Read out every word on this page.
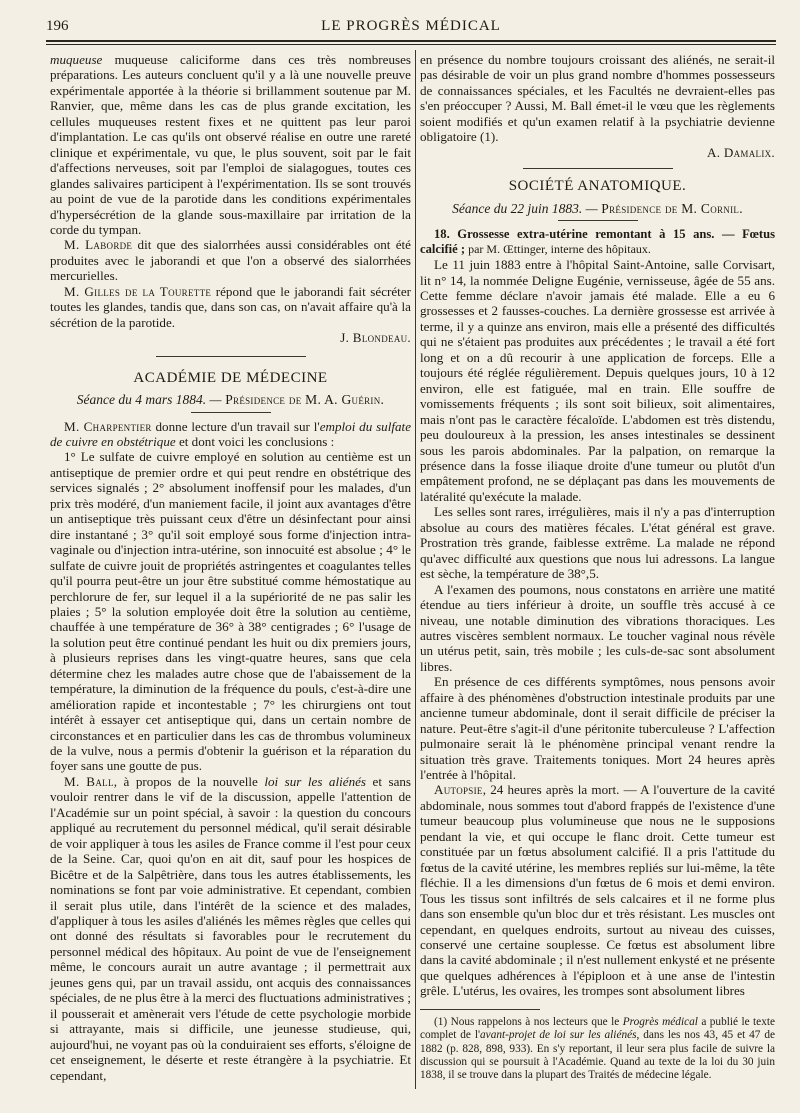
196	LE PROGRÈS MÉDICAL

muqueuse muqueuse caliciforme dans ces très nombreuses préparations. Les auteurs concluent qu'il y a là une nouvelle preuve expérimentale apportée à la théorie si brillamment soutenue par M. Ranvier, que, même dans les cas de plus grande excitation, les cellules muqueuses restent fixes et ne quittent pas leur paroi d'implantation. Le cas qu'ils ont observé réalise en outre une rareté clinique et expérimentale, vu que, le plus souvent, soit par le fait d'affections nerveuses, soit par l'emploi de sialagogues, toutes ces glandes salivaires participent à l'expérimentation. Ils se sont trouvés au point de vue de la parotide dans les conditions expérimentales d'hypersécrétion de la glande sous-maxillaire par irritation de la corde du tympan.

M. Laborde dit que des sialorrhées aussi considérables ont été produites avec le jaborandi et que l'on a observé des sialorrhées mercurielles.

M. Gilles de la Tourette répond que le jaborandi fait sécréter toutes les glandes, tandis que, dans son cas, on n'avait affaire qu'à la sécrétion de la parotide.

J. Blondeau.

ACADÉMIE DE MÉDECINE
Séance du 4 mars 1884. — Présidence de M. A. Guérin.

M. Charpentier donne lecture d'un travail sur l'emploi du sulfate de cuivre en obstétrique et dont voici les conclusions :

1° Le sulfate de cuivre employé en solution au centième est un antiseptique de premier ordre et qui peut rendre en obstétrique des services signalés ; 2° absolument inoffensif pour les malades, d'un prix très modéré, d'un maniement facile, il joint aux avantages d'être un antiseptique très puissant ceux d'être un désinfectant pour ainsi dire instantané ; 3° qu'il soit employé sous forme d'injection intra-vaginale ou d'injection intra-utérine, son innocuité est absolue ; 4° le sulfate de cuivre jouit de propriétés astringentes et coagulantes telles qu'il pourra peut-être un jour être substitué comme hémostatique au perchlorure de fer, sur lequel il a la supériorité de ne pas salir les plaies ; 5° la solution employée doit être la solution au centième, chauffée à une température de 36° à 38° centigrades ; 6° l'usage de la solution peut être continué pendant les huit ou dix premiers jours, à plusieurs reprises dans les vingt-quatre heures, sans que cela détermine chez les malades autre chose que de l'abaissement de la température, la diminution de la fréquence du pouls, c'est-à-dire une amélioration rapide et incontestable ; 7° les chirurgiens ont tout intérêt à essayer cet antiseptique qui, dans un certain nombre de circonstances et en particulier dans les cas de thrombus volumineux de la vulve, nous a permis d'obtenir la guérison et la réparation du foyer sans une goutte de pus.

M. Ball, à propos de la nouvelle loi sur les aliénés et sans vouloir rentrer dans le vif de la discussion, appelle l'attention de l'Académie sur un point spécial, à savoir : la question du concours appliqué au recrutement du personnel médical, qu'il serait désirable de voir appliquer à tous les asiles de France comme il l'est pour ceux de la Seine. Car, quoi qu'on en ait dit, sauf pour les hospices de Bicêtre et de la Salpêtrière, dans tous les autres établissements, les nominations se font par voie administrative. Et cependant, combien il serait plus utile, dans l'intérêt de la science et des malades, d'appliquer à tous les asiles d'aliénés les mêmes règles que celles qui ont donné des résultats si favorables pour le recrutement du personnel médical des hôpitaux. Au point de vue de l'enseignement même, le concours aurait un autre avantage ; il permettrait aux jeunes gens qui, par un travail assidu, ont acquis des connaissances spéciales, de ne plus être à la merci des fluctuations administratives ; il pousserait et amènerait vers l'étude de cette psychologie morbide si attrayante, mais si difficile, une jeunesse studieuse, qui, aujourd'hui, ne voyant pas où la conduiraient ses efforts, s'éloigne de cet enseignement, le déserte et reste étrangère à la psychiatrie. Et cependant,

en présence du nombre toujours croissant des aliénés, ne serait-il pas désirable de voir un plus grand nombre d'hommes possesseurs de connaissances spéciales, et les Facultés ne devraient-elles pas s'en préoccuper ? Aussi, M. Ball émet-il le vœu que les règlements soient modifiés et qu'un examen relatif à la psychiatrie devienne obligatoire (1).

A. Damalix.

SOCIÉTÉ ANATOMIQUE.
Séance du 22 juin 1883. — Présidence de M. Cornil.

18. Grossesse extra-utérine remontant à 15 ans. — Fœtus calcifié ; par M. Œttinger, interne des hôpitaux.

Le 11 juin 1883 entre à l'hôpital Saint-Antoine, salle Corvisart, lit n° 14, la nommée Deligne Eugénie, vernisseuse, âgée de 55 ans. Cette femme déclare n'avoir jamais été malade. Elle a eu 6 grossesses et 2 fausses-couches. La dernière grossesse est arrivée à terme, il y a quinze ans environ, mais elle a présenté des difficultés qui ne s'étaient pas produites aux précédentes ; le travail a été fort long et on a dû recourir à une application de forceps. Elle a toujours été réglée régulièrement. Depuis quelques jours, 10 à 12 environ, elle est fatiguée, mal en train. Elle souffre de vomissements fréquents ; ils sont soit bilieux, soit alimentaires, mais n'ont pas le caractère fécaloïde. L'abdomen est très distendu, peu douloureux à la pression, les anses intestinales se dessinent sous les parois abdominales. Par la palpation, on remarque la présence dans la fosse iliaque droite d'une tumeur ou plutôt d'un empâtement profond, ne se déplaçant pas dans les mouvements de latéralité qu'exécute la malade.

Les selles sont rares, irrégulières, mais il n'y a pas d'interruption absolue au cours des matières fécales. L'état général est grave. Prostration très grande, faiblesse extrême. La malade ne répond qu'avec difficulté aux questions que nous lui adressons. La langue est sèche, la température de 38°,5.

A l'examen des poumons, nous constatons en arrière une matité étendue au tiers inférieur à droite, un souffle très accusé à ce niveau, une notable diminution des vibrations thoraciques. Les autres viscères semblent normaux. Le toucher vaginal nous révèle un utérus petit, sain, très mobile ; les culs-de-sac sont absolument libres.

En présence de ces différents symptômes, nous pensons avoir affaire à des phénomènes d'obstruction intestinale produits par une ancienne tumeur abdominale, dont il serait difficile de préciser la nature. Peut-être s'agit-il d'une péritonite tuberculeuse ? L'affection pulmonaire serait là le phénomène principal venant rendre la situation très grave. Traitements toniques. Mort 24 heures après l'entrée à l'hôpital.

Autopsie, 24 heures après la mort. — A l'ouverture de la cavité abdominale, nous sommes tout d'abord frappés de l'existence d'une tumeur beaucoup plus volumineuse que nous ne le supposions pendant la vie, et qui occupe le flanc droit. Cette tumeur est constituée par un fœtus absolument calcifié. Il a pris l'attitude du fœtus de la cavité utérine, les membres repliés sur lui-même, la tête fléchie. Il a les dimensions d'un fœtus de 6 mois et demi environ. Tous les tissus sont infiltrés de sels calcaires et il ne forme plus dans son ensemble qu'un bloc dur et très résistant. Les muscles ont cependant, en quelques endroits, surtout au niveau des cuisses, conservé une certaine souplesse. Ce fœtus est absolument libre dans la cavité abdominale ; il n'est nullement enkysté et ne présente que quelques adhérences à l'épiploon et à une anse de l'intestin grêle. L'utérus, les ovaires, les trompes sont absolument libres

(1) Nous rappelons à nos lecteurs que le Progrès médical a publié le texte complet de l'avant-projet de loi sur les aliénés, dans les nos 43, 45 et 47 de 1882 (p. 828, 898, 933). En s'y reportant, il leur sera plus facile de suivre la discussion qui se poursuit à l'Académie. Quand au texte de la loi du 30 juin 1838, il se trouve dans la plupart des Traités de médecine légale.
